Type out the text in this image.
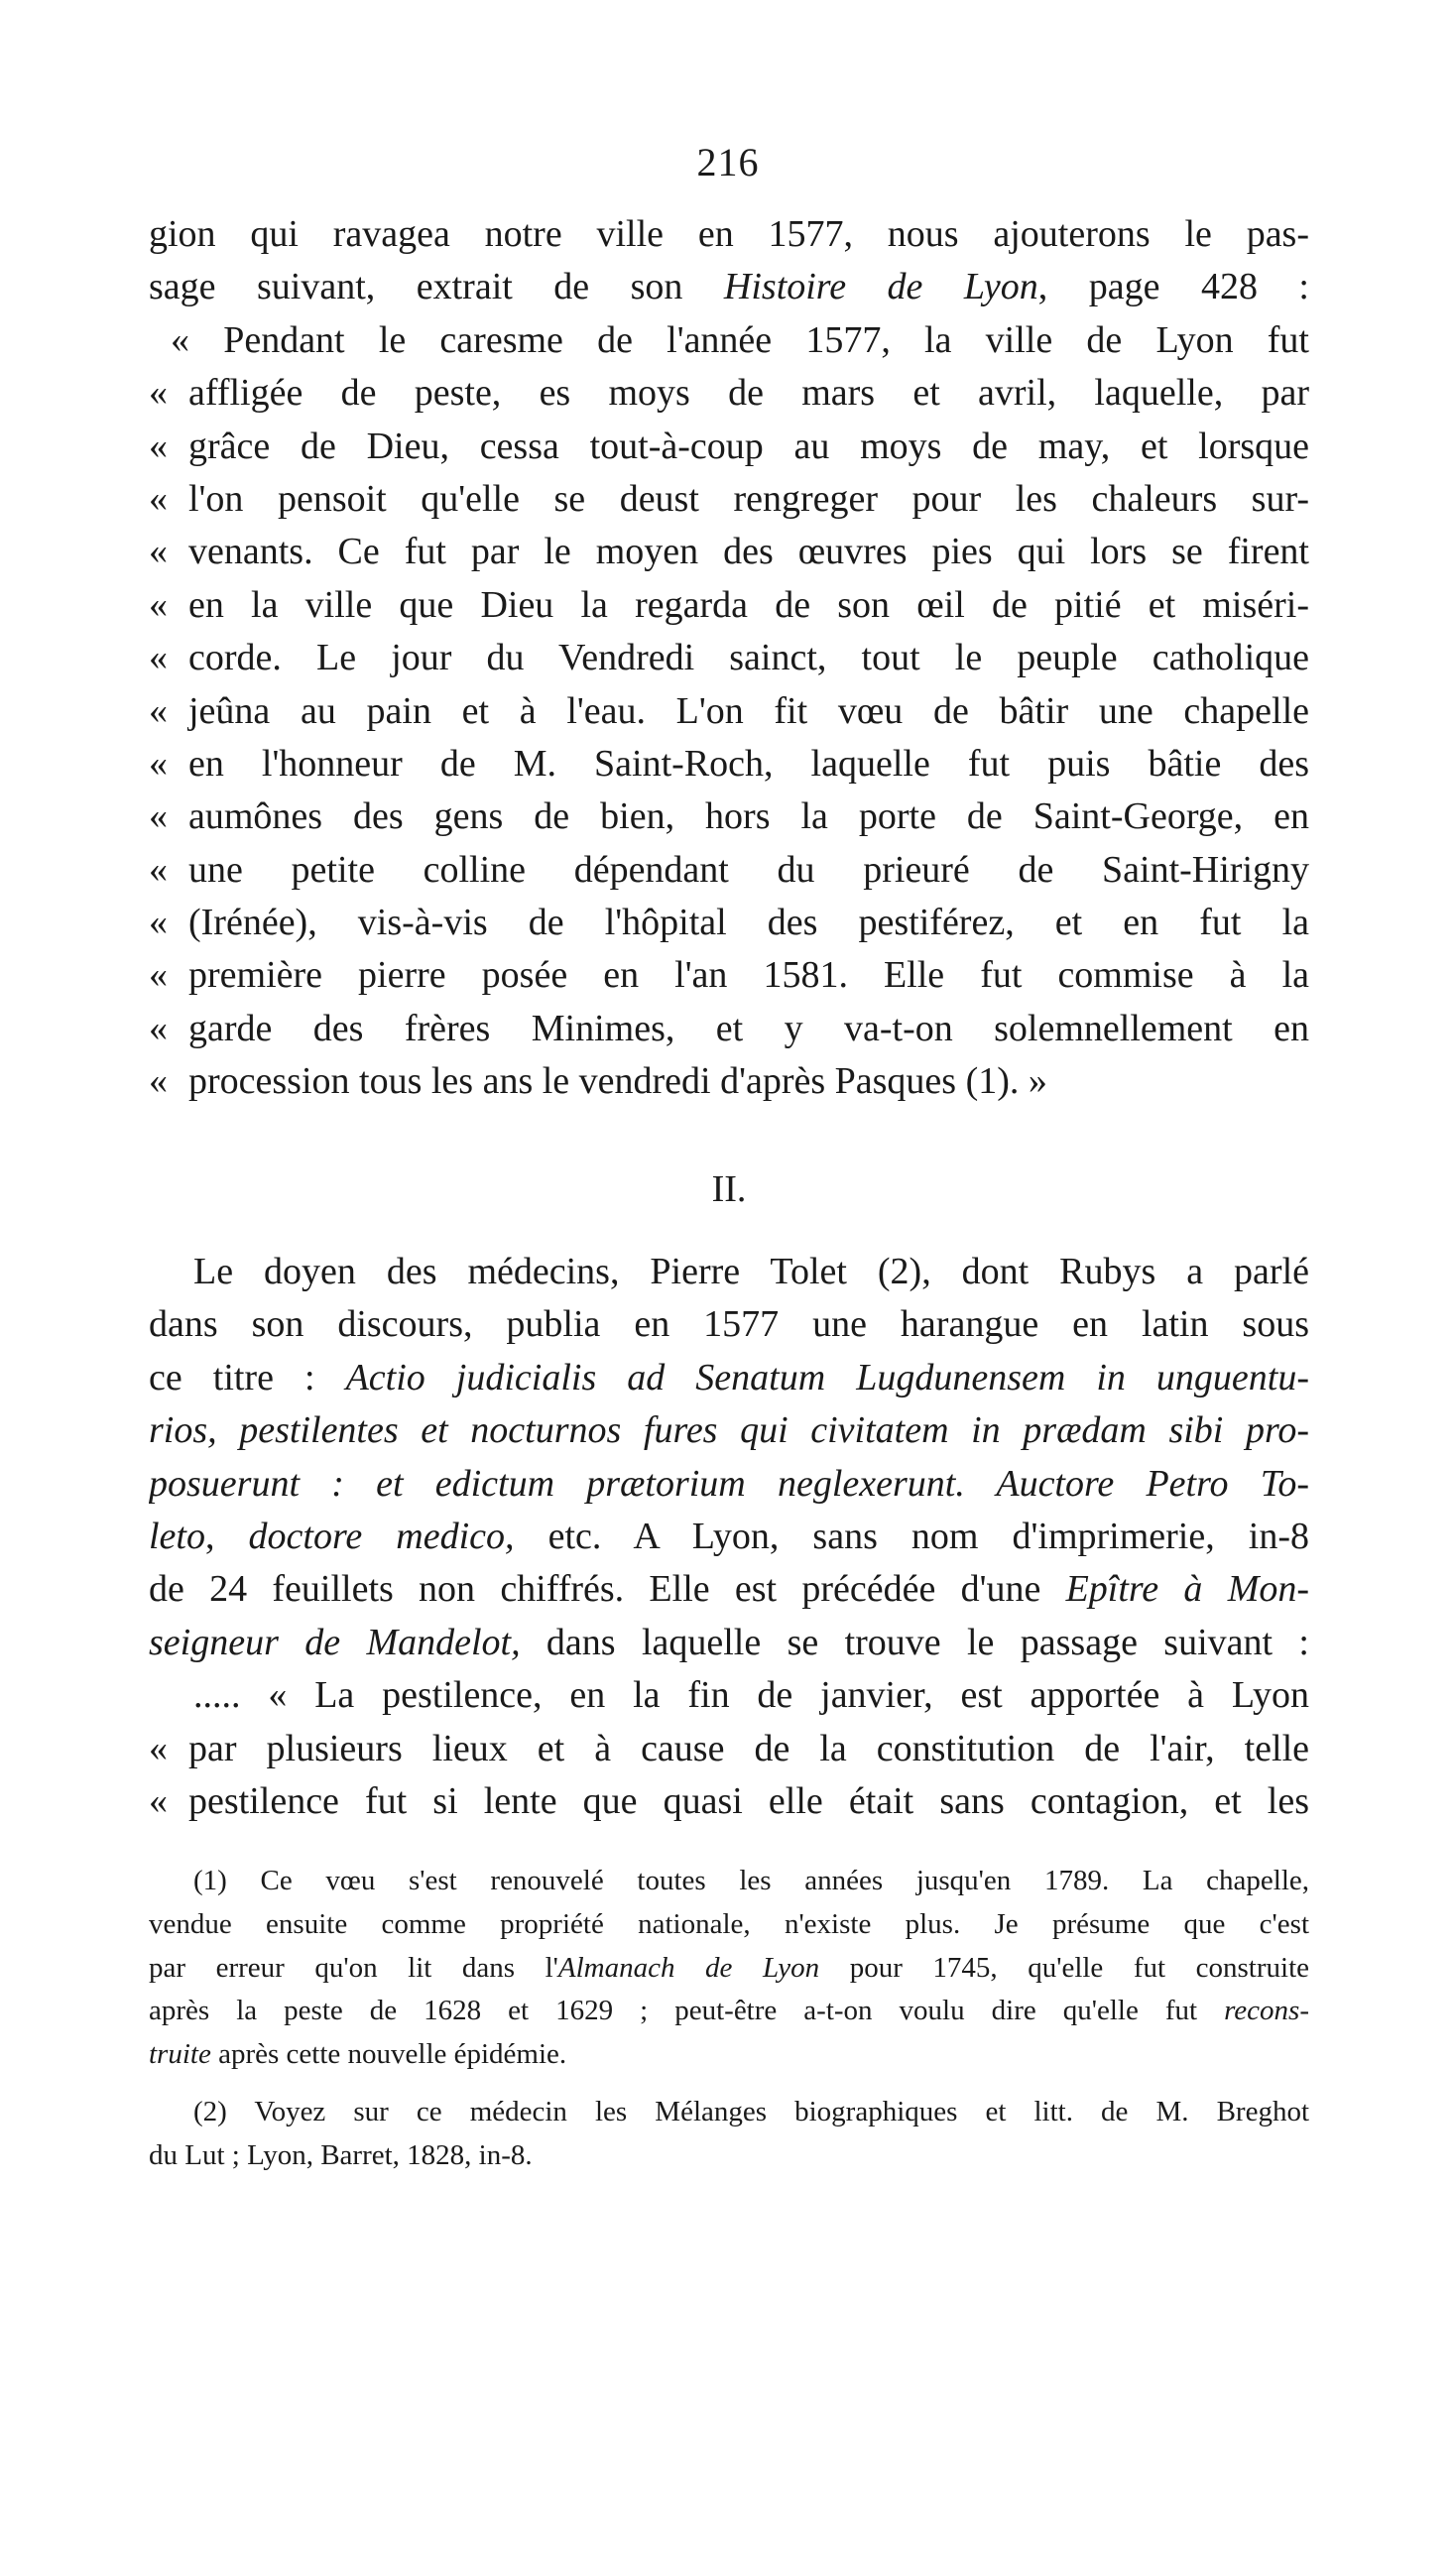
216
gion qui ravagea notre ville en 1577, nous ajouterons le pas-
sage suivant, extrait de son Histoire de Lyon, page 428 :
« Pendant le caresme de l'année 1577, la ville de Lyon fut
« affligée de peste, es moys de mars et avril, laquelle, par
« grâce de Dieu, cessa tout-à-coup au moys de may, et lorsque
« l'on pensoit qu'elle se deust rengreger pour les chaleurs sur-
« venants. Ce fut par le moyen des œuvres pies qui lors se firent
« en la ville que Dieu la regarda de son œil de pitié et miséri-
« corde. Le jour du Vendredi sainct, tout le peuple catholique
« jeûna au pain et à l'eau. L'on fit vœu de bâtir une chapelle
« en l'honneur de M. Saint-Roch, laquelle fut puis bâtie des
« aumônes des gens de bien, hors la porte de Saint-George, en
« une petite colline dépendant du prieuré de Saint-Hirigny
« (Irénée), vis-à-vis de l'hôpital des pestiférez, et en fut la
« première pierre posée en l'an 1581. Elle fut commise à la
« garde des frères Minimes, et y va-t-on solemnellement en
« procession tous les ans le vendredi d'après Pasques (1). »
II.
Le doyen des médecins, Pierre Tolet (2), dont Rubys a parlé
dans son discours, publia en 1577 une harangue en latin sous
ce titre : Actio judicialis ad Senatum Lugdunensem in unguentu-
rios, pestilentes et nocturnos fures qui civitatem in prædam sibi pro-
posuerunt : et edictum prætorium neglexerunt. Auctore Petro To-
leto, doctore medico, etc. A Lyon, sans nom d'imprimerie, in-8
de 24 feuillets non chiffrés. Elle est précédée d'une Epître à Mon-
seigneur de Mandelot, dans laquelle se trouve le passage suivant :
..... « La pestilence, en la fin de janvier, est apportée à Lyon
« par plusieurs lieux et à cause de la constitution de l'air, telle
« pestilence fut si lente que quasi elle était sans contagion, et les
(1) Ce vœu s'est renouvelé toutes les années jusqu'en 1789. La chapelle,
vendue ensuite comme propriété nationale, n'existe plus. Je présume que c'est
par erreur qu'on lit dans l'Almanach de Lyon pour 1745, qu'elle fut construite
après la peste de 1628 et 1629 ; peut-être a-t-on voulu dire qu'elle fut recons-
truite après cette nouvelle épidémie.
(2) Voyez sur ce médecin les Mélanges biographiques et litt. de M. Breghot
du Lut ; Lyon, Barret, 1828, in-8.
